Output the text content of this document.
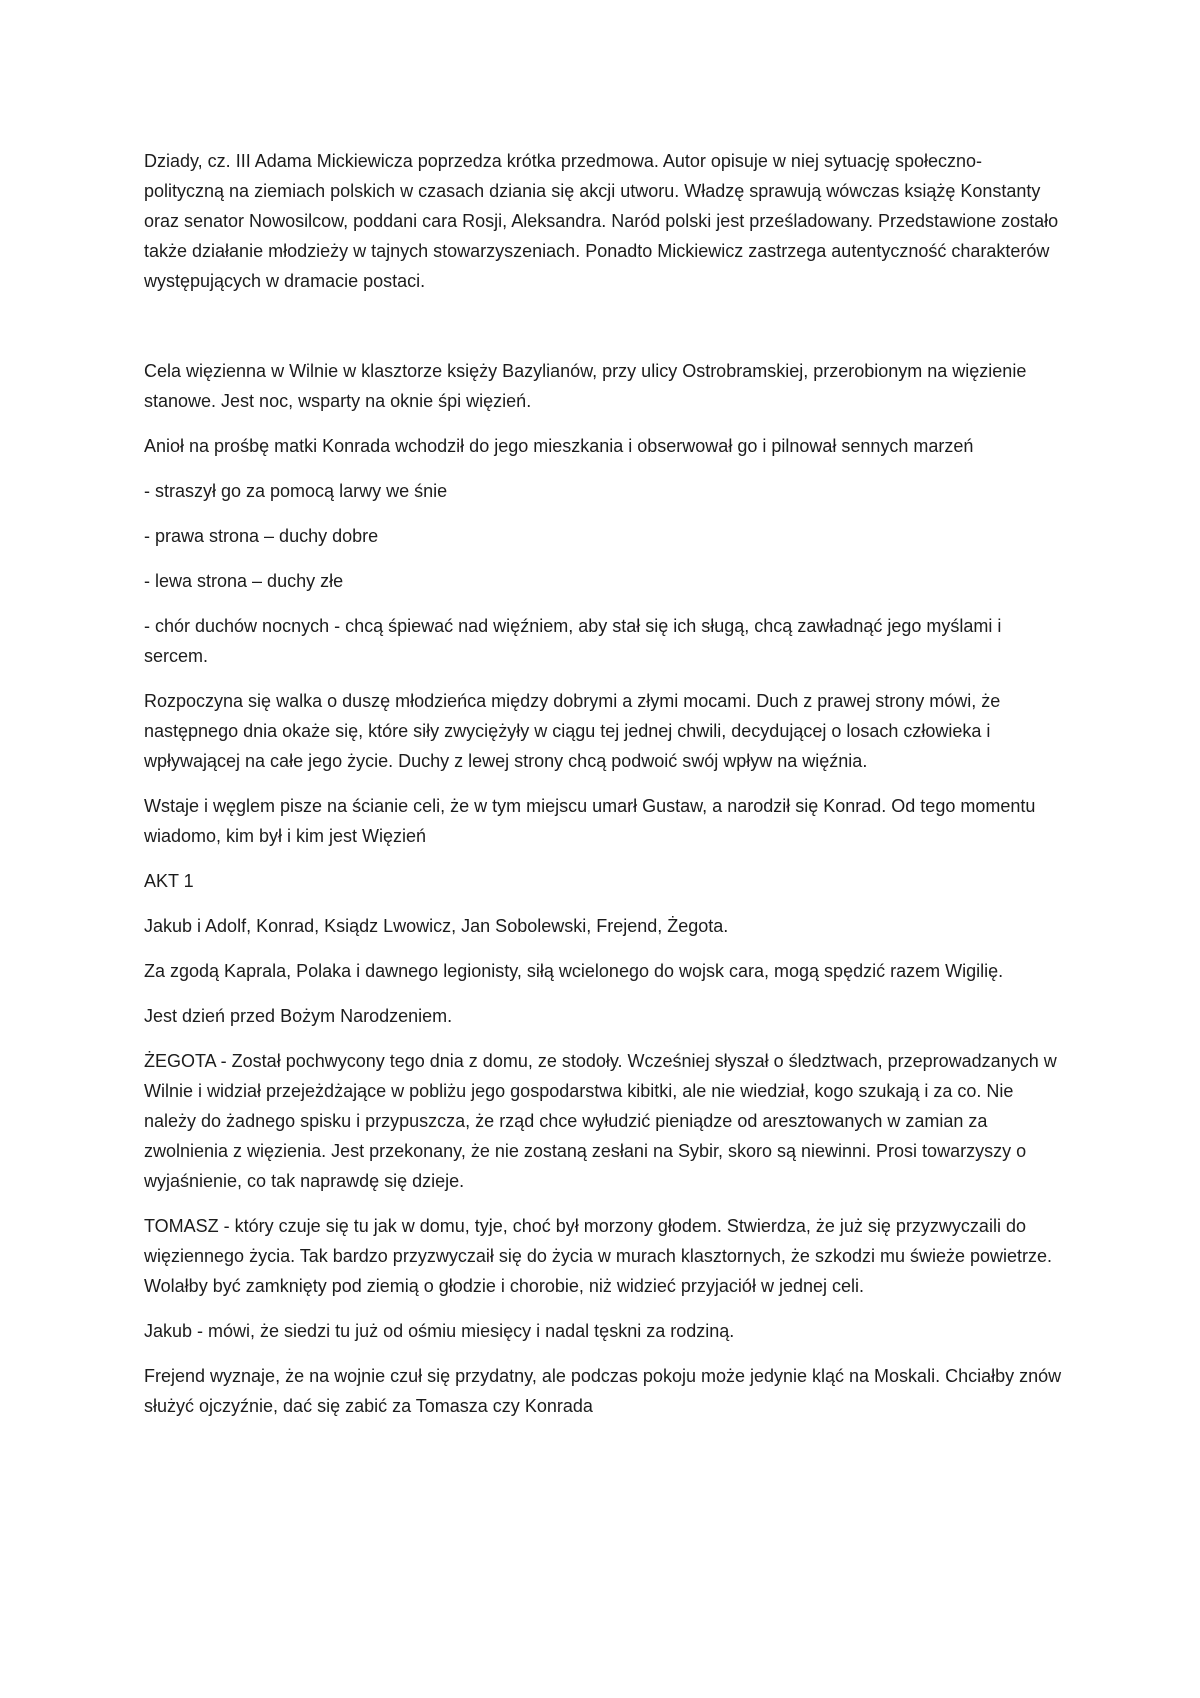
Dziady, cz. III Adama Mickiewicza poprzedza krótka przedmowa. Autor opisuje w niej sytuację społeczno-polityczną na ziemiach polskich w czasach dziania się akcji utworu. Władzę sprawują wówczas książę Konstanty oraz senator Nowosilcow, poddani cara Rosji, Aleksandra. Naród polski jest prześladowany. Przedstawione zostało także działanie młodzieży w tajnych stowarzyszeniach. Ponadto Mickiewicz zastrzega autentyczność charakterów występujących w dramacie postaci.

Cela więzienna w Wilnie w klasztorze księży Bazylianów, przy ulicy Ostrobramskiej, przerobionym na więzienie stanowe. Jest noc, wsparty na oknie śpi więzień.

Anioł na prośbę matki Konrada wchodził do jego mieszkania i obserwował go i pilnował sennych marzeń

- straszył go za pomocą larwy we śnie

- prawa strona – duchy dobre

- lewa strona – duchy złe

- chór duchów nocnych - chcą śpiewać nad więźniem, aby stał się ich sługą, chcą zawładnąć jego myślami i sercem.

Rozpoczyna się walka o duszę młodzieńca między dobrymi a złymi mocami. Duch z prawej strony mówi, że następnego dnia okaże się, które siły zwyciężyły w ciągu tej jednej chwili, decydującej o losach człowieka i wpływającej na całe jego życie. Duchy z lewej strony chcą podwoić swój wpływ na więźnia.

Wstaje i węglem pisze na ścianie celi, że w tym miejscu umarł Gustaw, a narodził się Konrad. Od tego momentu wiadomo, kim był i kim jest Więzień

AKT 1

Jakub i Adolf, Konrad, Ksiądz Lwowicz, Jan Sobolewski, Frejend, Żegota.

Za zgodą Kaprala, Polaka i dawnego legionisty, siłą wcielonego do wojsk cara, mogą spędzić razem Wigilię.

Jest dzień przed Bożym Narodzeniem.

ŻEGOTA - Został pochwycony tego dnia z domu, ze stodoły. Wcześniej słyszał o śledztwach, przeprowadzanych w Wilnie i widział przejeżdżające w pobliżu jego gospodarstwa kibitki, ale nie wiedział, kogo szukają i za co. Nie należy do żadnego spisku i przypuszcza, że rząd chce wyłudzić pieniądze od aresztowanych w zamian za zwolnienia z więzienia. Jest przekonany, że nie zostaną zesłani na Sybir, skoro są niewinni. Prosi towarzyszy o wyjaśnienie, co tak naprawdę się dzieje.

TOMASZ - który czuje się tu jak w domu, tyje, choć był morzony głodem. Stwierdza, że już się przyzwyczaili do więziennego życia. Tak bardzo przyzwyczaił się do życia w murach klasztornych, że szkodzi mu świeże powietrze. Wolałby być zamknięty pod ziemią o głodzie i chorobie, niż widzieć przyjaciół w jednej celi.

Jakub - mówi, że siedzi tu już od ośmiu miesięcy i nadal tęskni za rodziną.

Frejend wyznaje, że na wojnie czuł się przydatny, ale podczas pokoju może jedynie kląć na Moskali. Chciałby znów służyć ojczyźnie, dać się zabić za Tomasza czy Konrada
